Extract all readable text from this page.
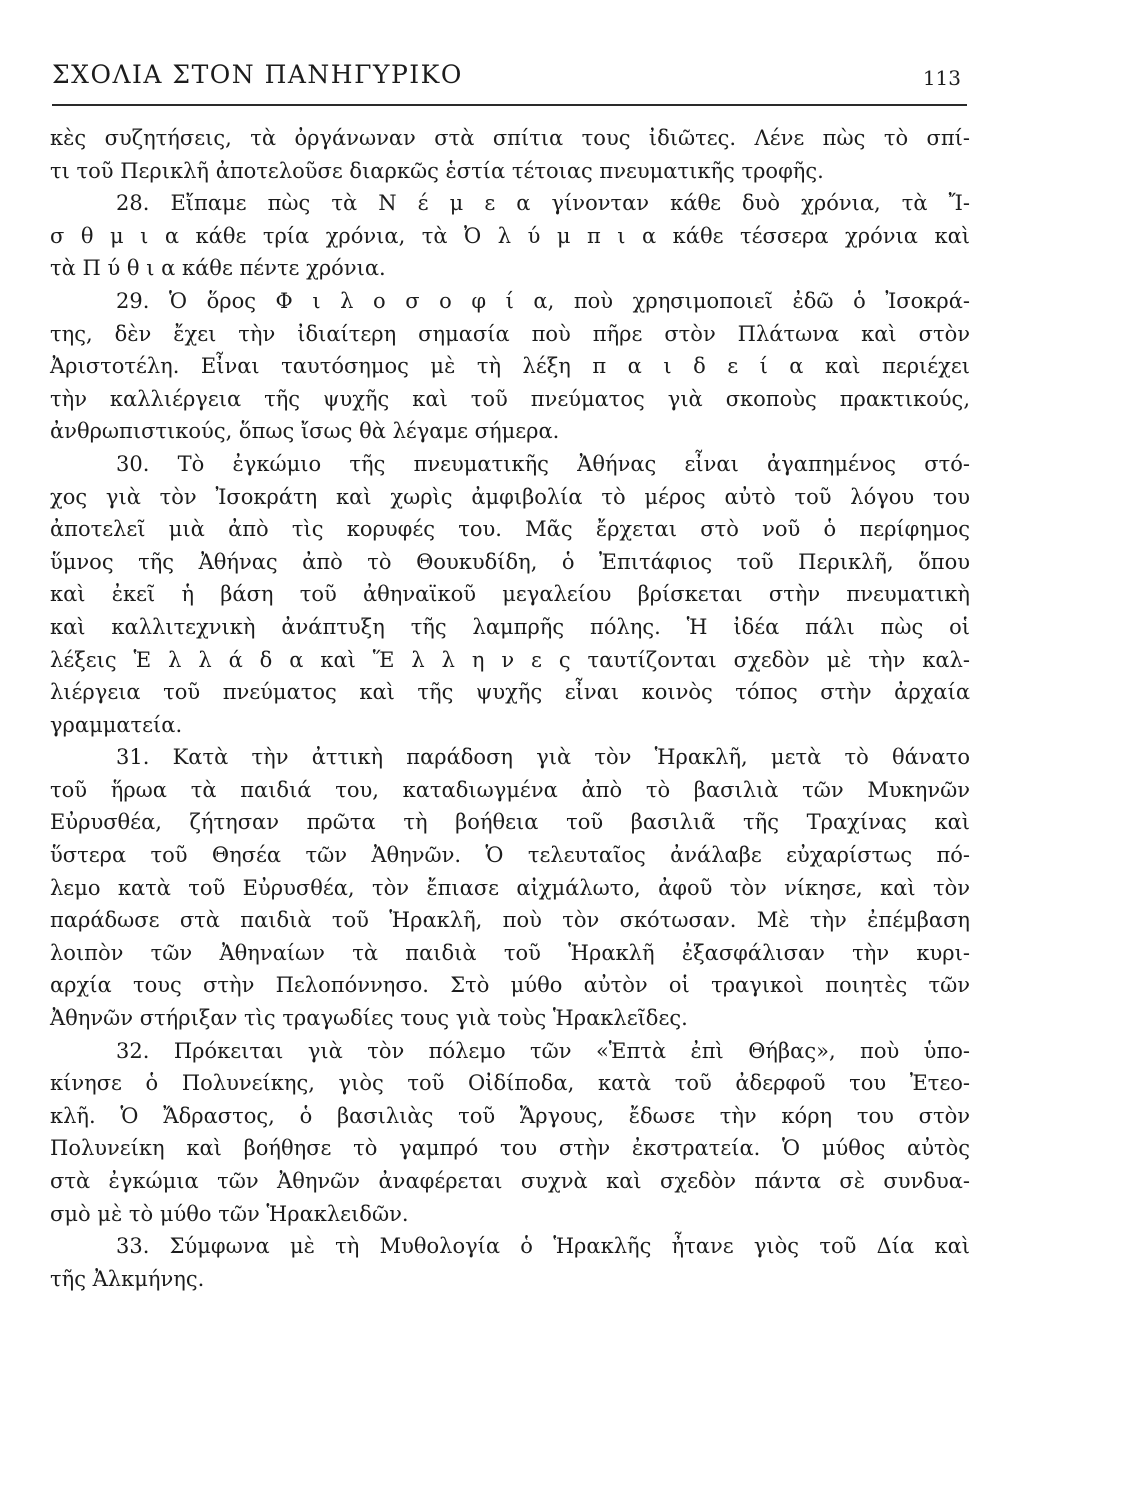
ΣΧΟΛΙΑ ΣΤΟΝ ΠΑΝΗΓΥΡΙΚΟ	113
κὲς συζητήσεις, τὰ ὀργάνωναν στὰ σπίτια τους ἰδιῶτες. Λένε πὼς τὸ σπί-
τι τοῦ Περικλῆ ἀποτελοῦσε διαρκῶς ἑστία τέτοιας πνευματικῆς τροφῆς.
28. Εἴπαμε πὼς τὰ Ν έ μ ε α γίνονταν κάθε δυὸ χρόνια, τὰ Ἴ-
σ θ μ ι α κάθε τρία χρόνια, τὰ Ὀ λ ύ μ π ι α κάθε τέσσερα χρόνια καὶ
τὰ Π ύ θ ι α κάθε πέντε χρόνια.
29. Ὁ ὅρος Φ ι λ ο σ ο φ ί α, ποὺ χρησιμοποιεῖ ἐδῶ ὁ Ἰσοκρά-
της, δὲν ἔχει τὴν ἰδιαίτερη σημασία ποὺ πῆρε στὸν Πλάτωνα καὶ στὸν
Ἀριστοτέλη. Εἶναι ταυτόσημος μὲ τὴ λέξη π α ι δ ε ί α καὶ περιέχει
τὴν καλλιέργεια τῆς ψυχῆς καὶ τοῦ πνεύματος γιὰ σκοποὺς πρακτικούς,
ἀνθρωπιστικούς, ὅπως ἴσως θὰ λέγαμε σήμερα.
30. Τὸ ἐγκώμιο τῆς πνευματικῆς Ἀθήνας εἶναι ἀγαπημένος στό-
χος γιὰ τὸν Ἰσοκράτη καὶ χωρὶς ἀμφιβολία τὸ μέρος αὐτὸ τοῦ λόγου του
ἀποτελεῖ μιὰ ἀπὸ τὶς κορυφές του. Μᾶς ἔρχεται στὸ νοῦ ὁ περίφημος
ὕμνος τῆς Ἀθήνας ἀπὸ τὸ Θουκυδίδη, ὁ Ἐπιτάφιος τοῦ Περικλῆ, ὅπου
καὶ ἐκεῖ ἡ βάση τοῦ ἀθηναϊκοῦ μεγαλείου βρίσκεται στὴν πνευματικὴ
καὶ καλλιτεχνικὴ ἀνάπτυξη τῆς λαμπρῆς πόλης. Ἡ ἰδέα πάλι πὼς οἱ
λέξεις Ἑ λ λ ά δ α καὶ Ἕ λ λ η ν ε ς ταυτίζονται σχεδὸν μὲ τὴν καλ-
λιέργεια τοῦ πνεύματος καὶ τῆς ψυχῆς εἶναι κοινὸς τόπος στὴν ἀρχαία
γραμματεία.
31. Κατὰ τὴν ἀττικὴ παράδοση γιὰ τὸν Ἡρακλῆ, μετὰ τὸ θάνατο
τοῦ ἥρωα τὰ παιδιά του, καταδιωγμένα ἀπὸ τὸ βασιλιὰ τῶν Μυκηνῶν
Εὐρυσθέα, ζήτησαν πρῶτα τὴ βοήθεια τοῦ βασιλιᾶ τῆς Τραχίνας καὶ
ὕστερα τοῦ Θησέα τῶν Ἀθηνῶν. Ὁ τελευταῖος ἀνάλαβε εὐχαρίστως πό-
λεμο κατὰ τοῦ Εὐρυσθέα, τὸν ἔπιασε αἰχμάλωτο, ἀφοῦ τὸν νίκησε, καὶ τὸν
παράδωσε στὰ παιδιὰ τοῦ Ἡρακλῆ, ποὺ τὸν σκότωσαν. Μὲ τὴν ἐπέμβαση
λοιπὸν τῶν Ἀθηναίων τὰ παιδιὰ τοῦ Ἡρακλῆ ἐξασφάλισαν τὴν κυρι-
αρχία τους στὴν Πελοπόννησο. Στὸ μύθο αὐτὸν οἱ τραγικοὶ ποιητὲς τῶν
Ἀθηνῶν στήριξαν τὶς τραγωδίες τους γιὰ τοὺς Ἡρακλεῖδες.
32. Πρόκειται γιὰ τὸν πόλεμο τῶν «Ἑπτὰ ἐπὶ Θήβας», ποὺ ὑπο-
κίνησε ὁ Πολυνείκης, γιὸς τοῦ Οἰδίποδα, κατὰ τοῦ ἀδερφοῦ του Ἐτεο-
κλῆ. Ὁ Ἄδραστος, ὁ βασιλιὰς τοῦ Ἄργους, ἔδωσε τὴν κόρη του στὸν
Πολυνείκη καὶ βοήθησε τὸ γαμπρό του στὴν ἐκστρατεία. Ὁ μύθος αὐτὸς
στὰ ἐγκώμια τῶν Ἀθηνῶν ἀναφέρεται συχνὰ καὶ σχεδὸν πάντα σὲ συνδυα-
σμὸ μὲ τὸ μύθο τῶν Ἡρακλειδῶν.
33. Σύμφωνα μὲ τὴ Μυθολογία ὁ Ἡρακλῆς ἦτανε γιὸς τοῦ Δία καὶ
τῆς Ἀλκμήνης.
